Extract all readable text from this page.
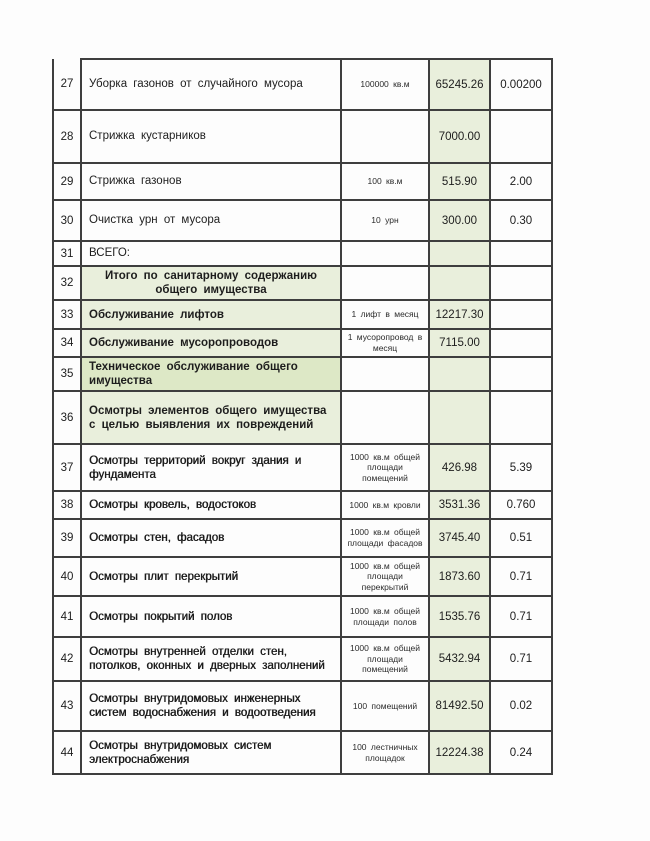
27	Уборка газонов от случайного мусора	100000 кв.м	65245.26	0.00200
28	Стрижка кустарников		7000.00	
29	Стрижка газонов	100 кв.м	515.90	2.00
30	Очистка урн от мусора	10 урн	300.00	0.30
31	ВСЕГО:			
32	Итого по санитарному содержанию общего имущества			
33	Обслуживание лифтов	1 лифт в месяц	12217.30	
34	Обслуживание мусоропроводов	1 мусоропровод в месяц	7115.00	
35	Техническое обслуживание общего имущества			
36	Осмотры элементов общего имущества с целью выявления их повреждений			
37	Осмотры территорий вокруг здания и фундамента	1000 кв.м общей площади помещений	426.98	5.39
38	Осмотры кровель, водостоков	1000 кв.м кровли	3531.36	0.760
39	Осмотры стен, фасадов	1000 кв.м общей площади фасадов	3745.40	0.51
40	Осмотры плит перекрытий	1000 кв.м общей площади перекрытий	1873.60	0.71
41	Осмотры покрытий полов	1000 кв.м общей площади полов	1535.76	0.71
42	Осмотры внутренней отделки стен, потолков, оконных и дверных заполнений	1000 кв.м общей площади помещений	5432.94	0.71
43	Осмотры внутридомовых инженерных систем водоснабжения и водоотведения	100 помещений	81492.50	0.02
44	Осмотры внутридомовых систем электроснабжения	100 лестничных площадок	12224.38	0.24
